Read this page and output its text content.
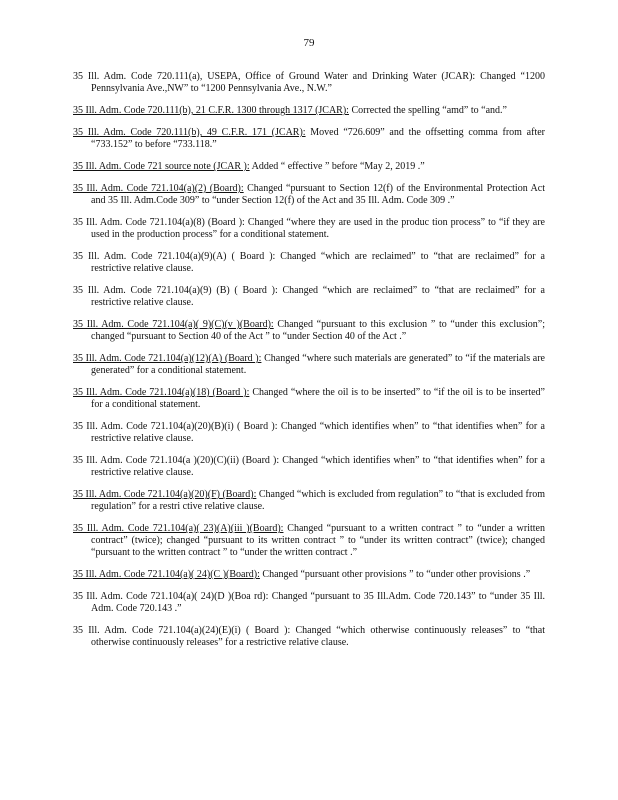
79

35 Ill. Adm. Code 720.111(a), USEPA, Office of Ground Water and Drinking Water (JCAR): Changed “1200 Pennsylvania Ave.,NW” to “1200 Pennsylvania Ave., N.W.”

35 Ill. Adm. Code 720.111(b), 21 C.F.R. 1300 through 1317 (JCAR): Corrected the spelling “amd” to “and.”

35 Ill. Adm. Code 720.111(b), 49 C.F.R. 171 (JCAR): Moved “726.609” and the offsetting comma from after “733.152” to before “733.118.”

35 Ill. Adm. Code 721 source note (JCAR ): Added “ effective ” before “May 2, 2019 .”

35 Ill. Adm. Code 721.104(a)(2) (Board): Changed “pursuant to Section 12(f) of the Environmental Protection Act and 35 Ill. Adm.Code 309” to “under Section 12(f) of the Act and 35 Ill. Adm. Code 309 .”

35 Ill. Adm. Code 721.104(a)(8) (Board ): Changed “where they are used in the produc tion process” to “if they are used in the production process” for a conditional statement.

35 Ill. Adm. Code 721.104(a)(9)(A) ( Board ): Changed “which are reclaimed” to “that are reclaimed” for a restrictive relative clause.

35 Ill. Adm. Code 721.104(a)(9) (B) ( Board ): Changed “which are reclaimed” to “that are reclaimed” for a restrictive relative clause.

35 Ill. Adm. Code 721.104(a)( 9)(C)(v )(Board): Changed “pursuant to this exclusion ” to “under this exclusion”; changed “pursuant to Section 40 of the Act ” to “under Section 40 of the Act .”

35 Ill. Adm. Code 721.104(a)(12)(A) (Board ): Changed “where such materials are generated” to “if the materials are generated” for a conditional statement.

35 Ill. Adm. Code 721.104(a)(18) (Board ): Changed “where the oil is to be inserted” to “if the oil is to be inserted” for a conditional statement.

35 Ill. Adm. Code 721.104(a)(20)(B)(i) ( Board ): Changed “which identifies when” to “that identifies when” for a restrictive relative clause.

35 Ill. Adm. Code 721.104(a )(20)(C)(ii) (Board ): Changed “which identifies when” to “that identifies when” for a restrictive relative clause.

35 Ill. Adm. Code 721.104(a)(20)(F) (Board): Changed “which is excluded from regulation” to “that is excluded from regulation” for a restri ctive relative clause.

35 Ill. Adm. Code 721.104(a)( 23)(A)(iii )(Board): Changed “pursuant to a written contract ” to “under a written contract” (twice); changed “pursuant to its written contract ” to “under its written contract” (twice); changed “pursuant to the written contract ” to “under the written contract .”

35 Ill. Adm. Code 721.104(a)( 24)(C )(Board): Changed “pursuant other provisions ” to “under other provisions .”

35 Ill. Adm. Code 721.104(a)( 24)(D )(Boa rd): Changed “pursuant to 35 Ill.Adm. Code 720.143” to “under 35 Ill. Adm. Code 720.143 .”

35 Ill. Adm. Code 721.104(a)(24)(E)(i) ( Board ): Changed “which otherwise continuously releases” to “that otherwise continuously releases” for a restrictive relative clause.
